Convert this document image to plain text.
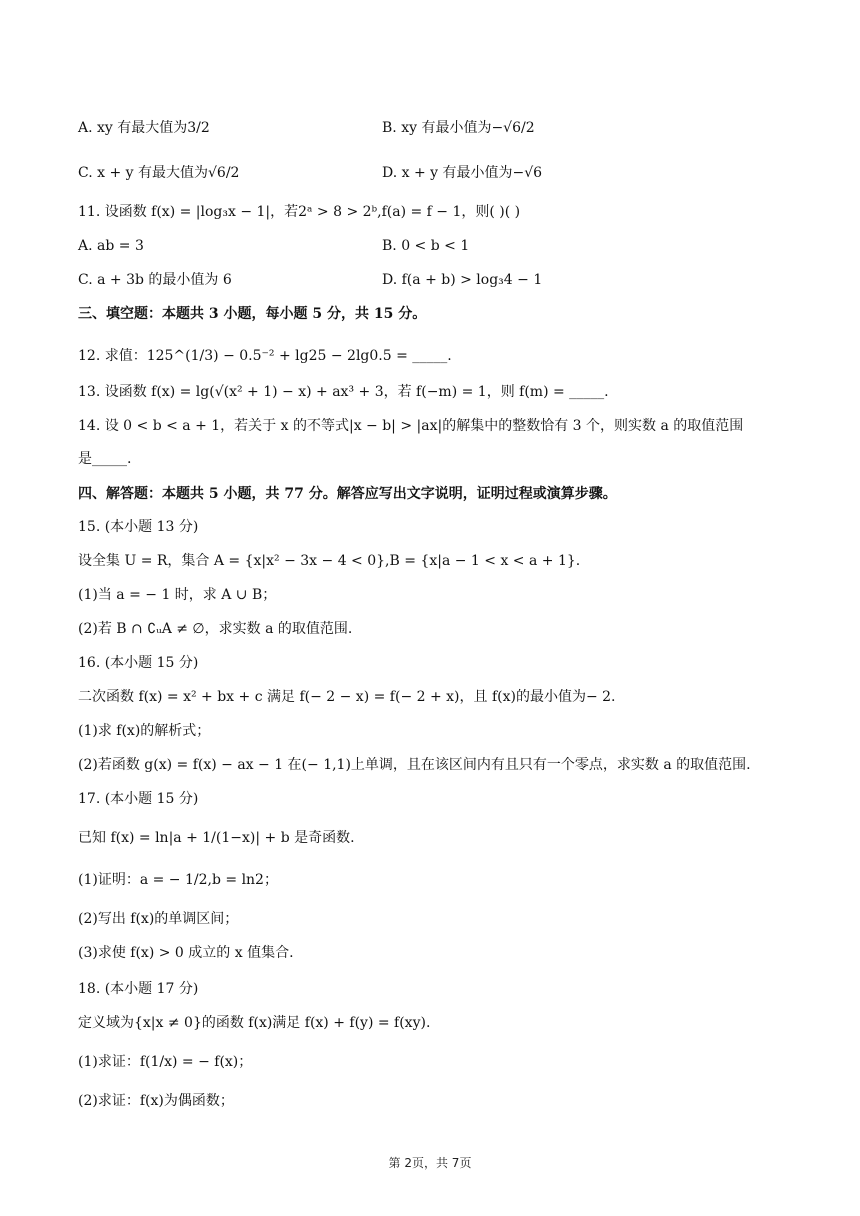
A. xy 有最大值为3/2	B. xy 有最小值为−√6/2
C. x + y 有最大值为√6/2	D. x + y 有最小值为−√6
11. 设函数 f(x) = |log₃x − 1|，若2ᵃ > 8 > 2ᵇ,f(a) = f − 1，则( )( )
A. ab = 3	B. 0 < b < 1
C. a + 3b 的最小值为 6	D. f(a + b) > log₃4 − 1
三、填空题：本题共 3 小题，每小题 5 分，共 15 分。
12. 求值：125^(1/3) − 0.5⁻² + lg25 − 2lg0.5 = _____.
13. 设函数 f(x) = lg(√(x² + 1) − x) + ax³ + 3，若 f(−m) = 1，则 f(m) = _____.
14. 设 0 < b < a + 1，若关于 x 的不等式|x − b| > |ax|的解集中的整数恰有 3 个，则实数 a 的取值范围
是_____.
四、解答题：本题共 5 小题，共 77 分。解答应写出文字说明，证明过程或演算步骤。
15. (本小题 13 分)
设全集 U = R，集合 A = {x|x² − 3x − 4 < 0},B = {x|a − 1 < x < a + 1}.
(1)当 a = − 1 时，求 A ∪ B；
(2)若 B ∩ ∁ᵤA ≠ ∅，求实数 a 的取值范围.
16. (本小题 15 分)
二次函数 f(x) = x² + bx + c 满足 f(− 2 − x) = f(− 2 + x)，且 f(x)的最小值为− 2.
(1)求 f(x)的解析式；
(2)若函数 g(x) = f(x) − ax − 1 在(− 1,1)上单调，且在该区间内有且只有一个零点，求实数 a 的取值范围.
17. (本小题 15 分)
已知 f(x) = ln|a + 1/(1−x)| + b 是奇函数.
(1)证明：a = − 1/2,b = ln2；
(2)写出 f(x)的单调区间；
(3)求使 f(x) > 0 成立的 x 值集合.
18. (本小题 17 分)
定义域为{x|x ≠ 0}的函数 f(x)满足 f(x) + f(y) = f(xy).
(1)求证：f(1/x) = − f(x)；
(2)求证：f(x)为偶函数；
第 2页，共 7页
